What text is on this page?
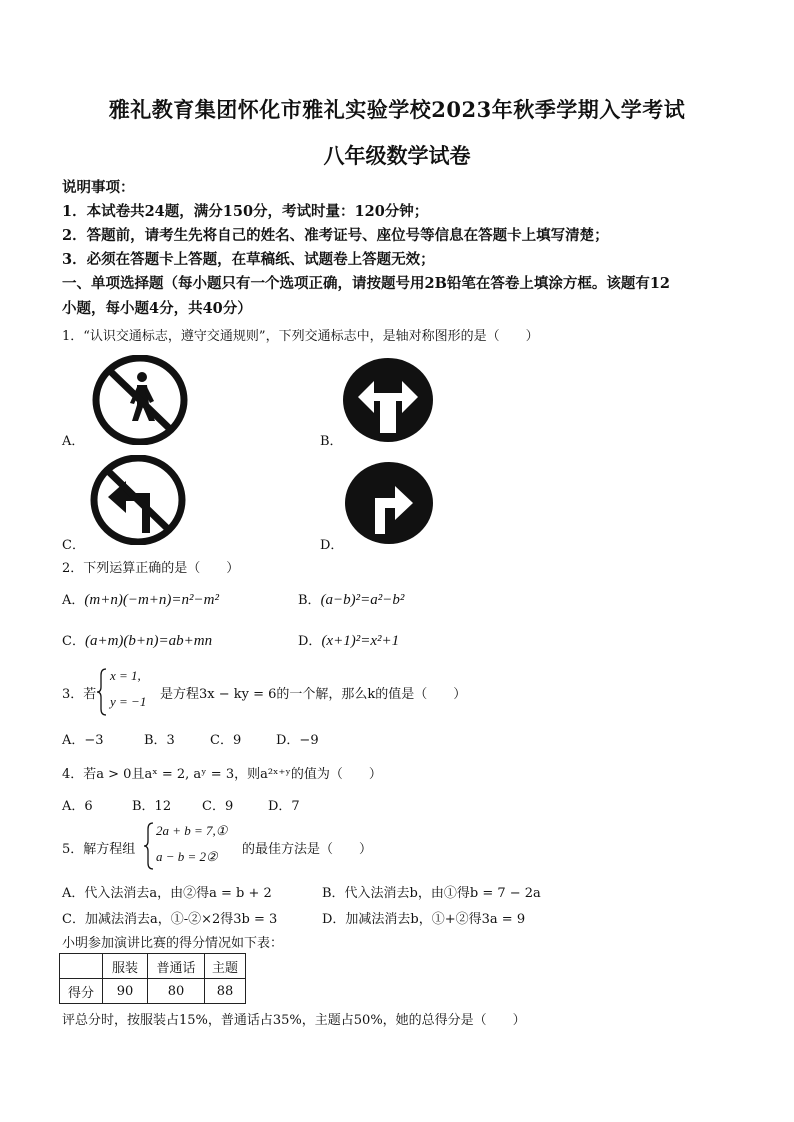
雅礼教育集团怀化市雅礼实验学校2023年秋季学期入学考试
八年级数学试卷
说明事项：
1．本试卷共24题，满分150分，考试时量：120分钟；
2．答题前，请考生先将自己的姓名、准考证号、座位号等信息在答题卡上填写清楚；
3．必须在答题卡上答题，在草稿纸、试题卷上答题无效；
一、单项选择题（每小题只有一个选项正确，请按题号用2B铅笔在答卷上填涂方框。该题有12
小题，每小题4分，共40分）
1．“认识交通标志，遵守交通规则”，下列交通标志中，是轴对称图形的是（　　）
A．	B．
C．	D．
2．下列运算正确的是（　　）
A．(m+n)(−m+n)=n²−m²	B．(a−b)²=a²−b²
C．(a+m)(b+n)=ab+mn	D．(x+1)²=x²+1
3．若
x = 1,
y = −1 是方程3x − ky = 6的一个解，那么k的值是（　　）
A．−3	B．3	C．9	D．−9
4．若a > 0且aˣ = 2, aʸ = 3，则a²ˣ⁺ʸ的值为（　　）
A．6	B．12 C．9	D．7
5．解方程组
2a + b = 7,①
a − b = 2② 的最佳方法是（　　）
A．代入法消去a，由②得a = b + 2	B．代入法消去b，由①得b = 7 − 2a
C．加减法消去a，①-②×2得3b = 3	D．加减法消去b，①+②得3a = 9
小明参加演讲比赛的得分情况如下表：
	服装	普通话	主题
得分	90	80	88
评总分时，按服装占15%，普通话占35%，主题占50%，她的总得分是（　　）
